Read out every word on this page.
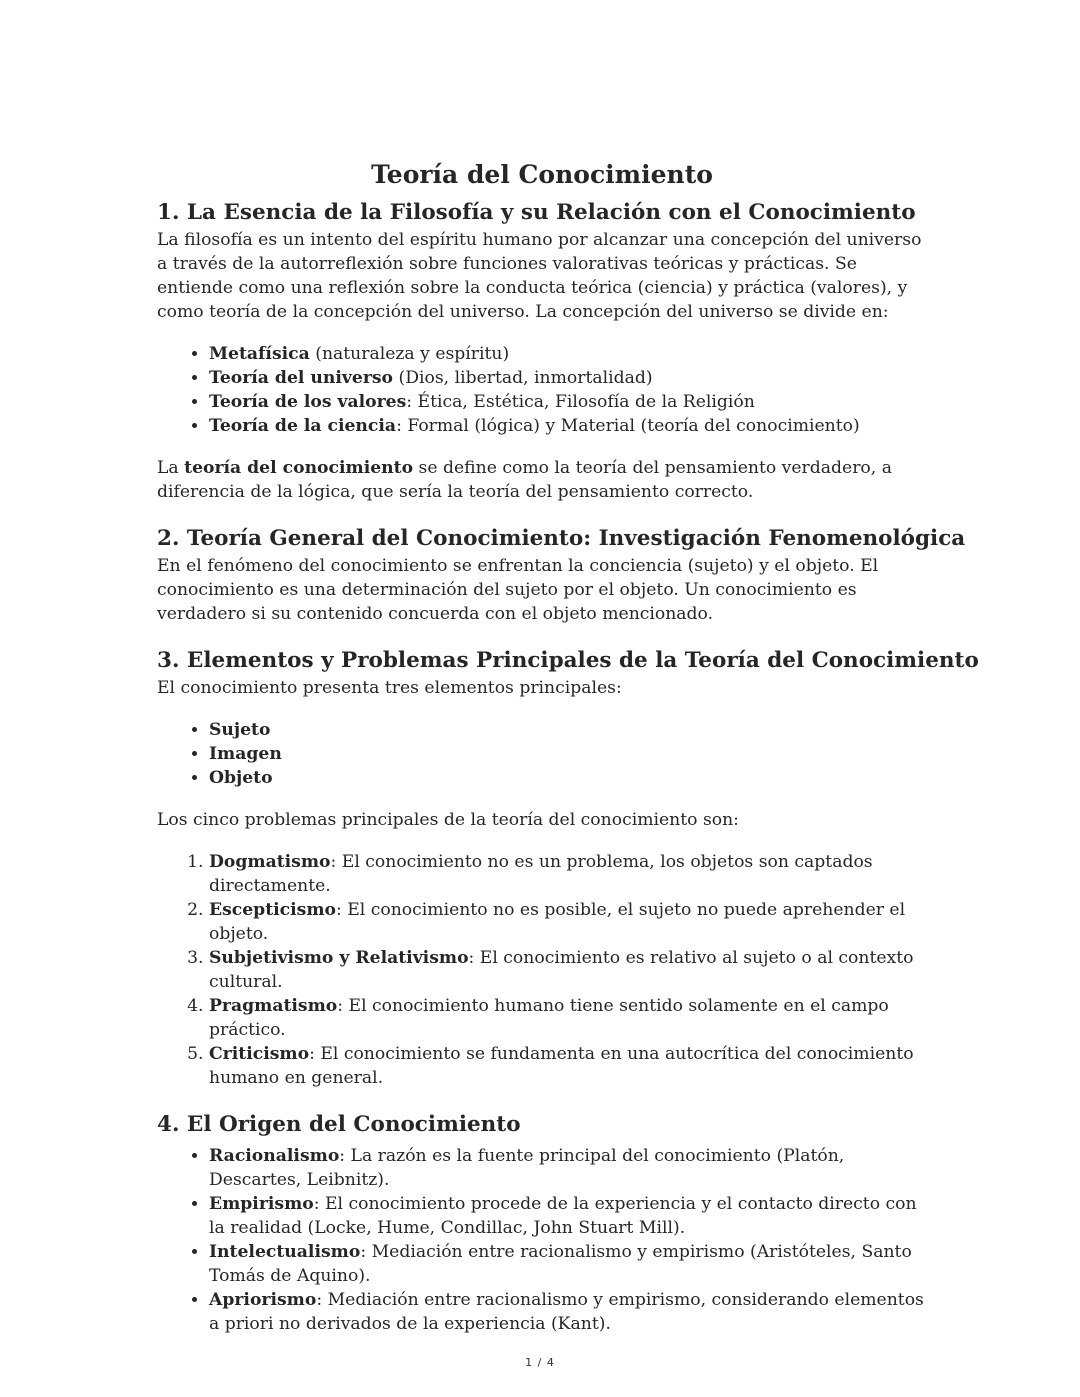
Teoría del Conocimiento
1. La Esencia de la Filosofía y su Relación con el Conocimiento

La filosofía es un intento del espíritu humano por alcanzar una concepción del universo a través de la autorreflexión sobre funciones valorativas teóricas y prácticas. Se entiende como una reflexión sobre la conducta teórica (ciencia) y práctica (valores), y como teoría de la concepción del universo. La concepción del universo se divide en:

• Metafísica (naturaleza y espíritu)
• Teoría del universo (Dios, libertad, inmortalidad)
• Teoría de los valores: Ética, Estética, Filosofía de la Religión
• Teoría de la ciencia: Formal (lógica) y Material (teoría del conocimiento)

La teoría del conocimiento se define como la teoría del pensamiento verdadero, a diferencia de la lógica, que sería la teoría del pensamiento correcto.

2. Teoría General del Conocimiento: Investigación Fenomenológica

En el fenómeno del conocimiento se enfrentan la conciencia (sujeto) y el objeto. El conocimiento es una determinación del sujeto por el objeto. Un conocimiento es verdadero si su contenido concuerda con el objeto mencionado.

3. Elementos y Problemas Principales de la Teoría del Conocimiento

El conocimiento presenta tres elementos principales:

• Sujeto
• Imagen
• Objeto

Los cinco problemas principales de la teoría del conocimiento son:

1. Dogmatismo: El conocimiento no es un problema, los objetos son captados directamente.
2. Escepticismo: El conocimiento no es posible, el sujeto no puede aprehender el objeto.
3. Subjetivismo y Relativismo: El conocimiento es relativo al sujeto o al contexto cultural.
4. Pragmatismo: El conocimiento humano tiene sentido solamente en el campo práctico.
5. Criticismo: El conocimiento se fundamenta en una autocrítica del conocimiento humano en general.
4. El Origen del Conocimiento
• Racionalismo: La razón es la fuente principal del conocimiento (Platón, Descartes, Leibnitz).
• Empirismo: El conocimiento procede de la experiencia y el contacto directo con la realidad (Locke, Hume, Condillac, John Stuart Mill).
• Intelectualismo: Mediación entre racionalismo y empirismo (Aristóteles, Santo Tomás de Aquino).
• Apriorismo: Mediación entre racionalismo y empirismo, considerando elementos a priori no derivados de la experiencia (Kant).
1 / 4
